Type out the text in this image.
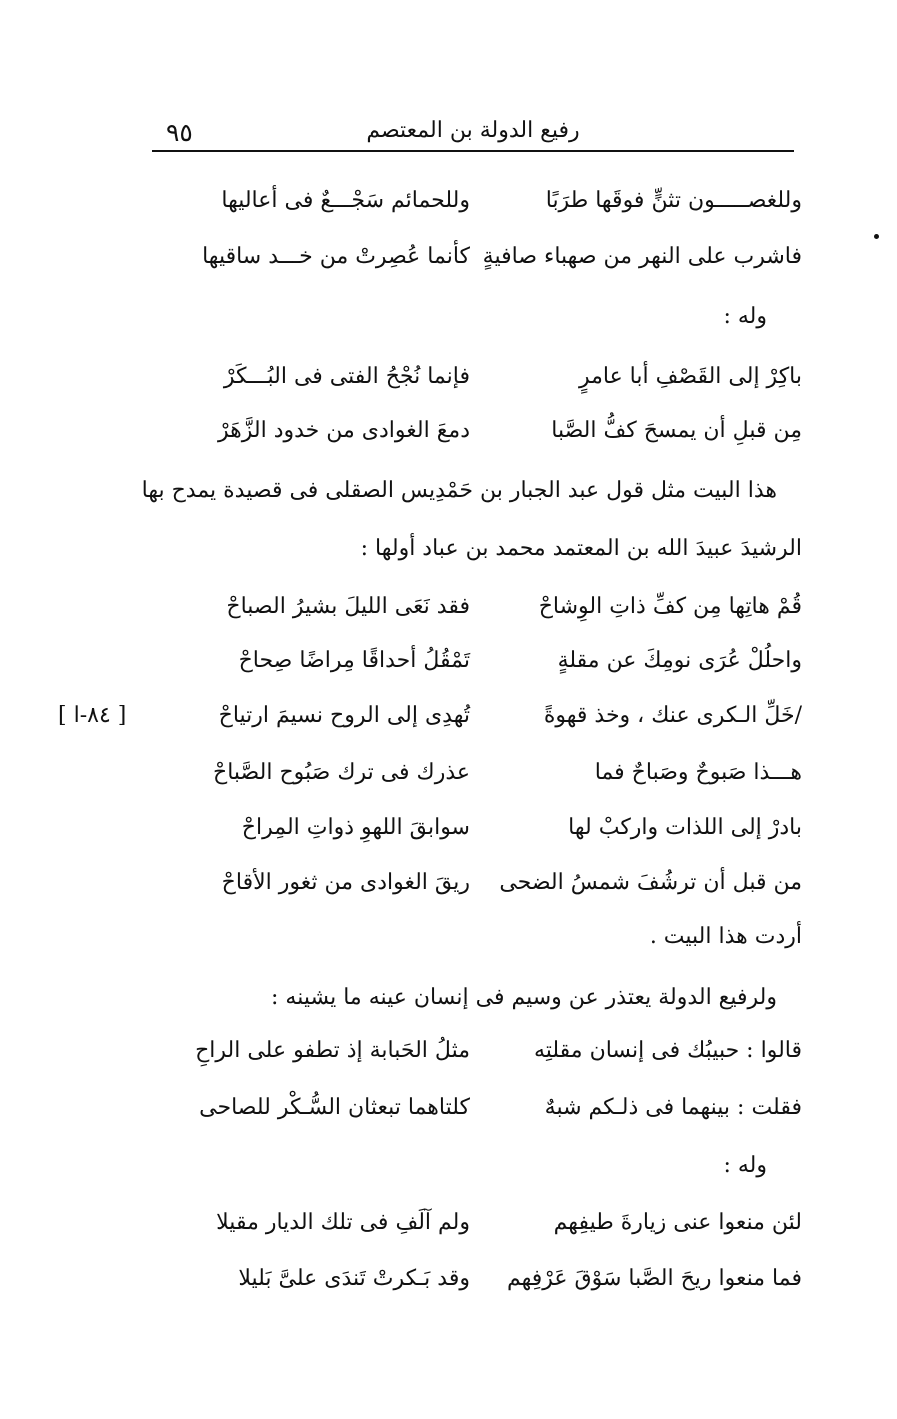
٩٥	رفيع الدولة بن المعتصم
وللغصـــــون تثنٍّ فوقَها طرَبًا
وللحمائم سَجْـــعٌ فى أعاليها
فاشرب على النهر من صهباء صافيةٍ
كأنما عُصِرتْ من خـــد ساقيها
وله :
باكِرْ إلى القَصْفِ أبا عامرٍ
فإنما نُجْحُ الفتى فى البُـــكَرْ
مِن قبلِ أن يمسحَ كفُّ الصَّبا
دمعَ الغوادى من خدود الزَّهَرْ
هذا البيت مثل قول عبد الجبار بن حَمْدِيس الصقلى فى قصيدة يمدح بها
الرشيدَ عبيدَ الله بن المعتمد محمد بن عباد أولها :
قُمْ هاتِها مِن كفِّ ذاتِ الوِشاحْ
فقد نَعَى الليلَ بشيرُ الصباحْ
واحلُلْ عُرَى نومِكَ عن مقلةٍ
تَمْقُلُ أحداقًا مِراضًا صِحاحْ
/خَلِّ الـكرى عنك ، وخذ قهوةً
تُهدِى إلى الروح نسيمَ ارتياحْ
[ ٨٤-ا ]
هـــذا صَبوحٌ وصَباحٌ فما
عذرك فى ترك صَبُوح الصَّباحْ
بادرْ إلى اللذات واركبْ لها
سوابقَ اللهوِ ذواتِ المِراحْ
من قبل أن ترشُفَ شمسُ الضحى
ريقَ الغوادى من ثغور الأقاحْ
أردت هذا البيت .
ولرفيع الدولة يعتذر عن وسيم فى إنسان عينه ما يشينه :
قالوا : حبيبُك فى إنسان مقلتِه
مثلُ الحَبابة إذ تطفو على الراحِ
فقلت : بينهما فى ذلـكم شبهٌ
كلتاهما تبعثان السُّـكْر للصاحى
وله :
لئن منعوا عنى زيارةَ طيفِهم
ولم آلَفِ فى تلك الديار مقيلا
فما منعوا ريحَ الصَّبا سَوْقَ عَرْفِهم
وقد بَـكرتْ تَندَى علىَّ بَليلا
